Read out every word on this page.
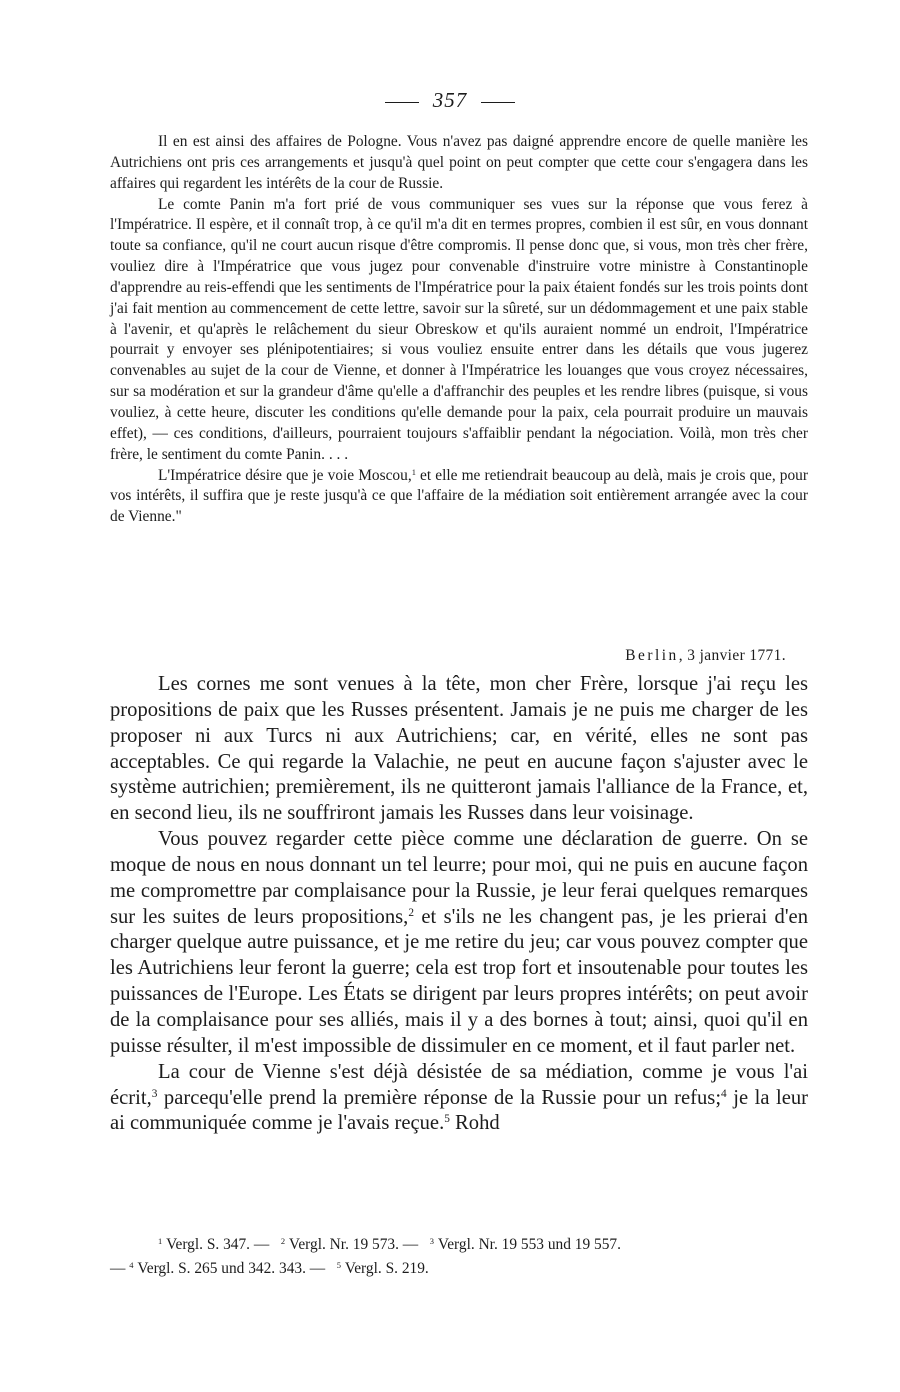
357

Il en est ainsi des affaires de Pologne. Vous n'avez pas daigné apprendre encore de quelle manière les Autrichiens ont pris ces arrangements et jusqu'à quel point on peut compter que cette cour s'engagera dans les affaires qui regardent les intérêts de la cour de Russie.

Le comte Panin m'a fort prié de vous communiquer ses vues sur la réponse que vous ferez à l'Impératrice. Il espère, et il connaît trop, à ce qu'il m'a dit en termes propres, combien il est sûr, en vous donnant toute sa confiance, qu'il ne court aucun risque d'être compromis. Il pense donc que, si vous, mon très cher frère, vouliez dire à l'Impératrice que vous jugez pour convenable d'instruire votre ministre à Constantinople d'apprendre au reis-effendi que les sentiments de l'Impératrice pour la paix étaient fondés sur les trois points dont j'ai fait mention au commencement de cette lettre, savoir sur la sûreté, sur un dédommagement et une paix stable à l'avenir, et qu'après le relâchement du sieur Obreskow et qu'ils auraient nommé un endroit, l'Impératrice pourrait y envoyer ses plénipotentiaires; si vous vouliez ensuite entrer dans les détails que vous jugerez convenables au sujet de la cour de Vienne, et donner à l'Impératrice les louanges que vous croyez nécessaires, sur sa modération et sur la grandeur d'âme qu'elle a d'affranchir des peuples et les rendre libres (puisque, si vous vouliez, à cette heure, discuter les conditions qu'elle demande pour la paix, cela pourrait produire un mauvais effet), — ces conditions, d'ailleurs, pourraient toujours s'affaiblir pendant la négociation. Voilà, mon très cher frère, le sentiment du comte Panin. . . .

L'Impératrice désire que je voie Moscou,$^1$ et elle me retiendrait beaucoup au delà, mais je crois que, pour vos intérêts, il suffira que je reste jusqu'à ce que l'affaire de la médiation soit entièrement arrangée avec la cour de Vienne."

Berlin, 3 janvier 1771.

Les cornes me sont venues à la tête, mon cher Frère, lorsque j'ai reçu les propositions de paix que les Russes présentent. Jamais je ne puis me charger de les proposer ni aux Turcs ni aux Autrichiens; car, en vérité, elles ne sont pas acceptables. Ce qui regarde la Valachie, ne peut en aucune façon s'ajuster avec le système autrichien; premièrement, ils ne quitteront jamais l'alliance de la France, et, en second lieu, ils ne souffriront jamais les Russes dans leur voisinage.

Vous pouvez regarder cette pièce comme une déclaration de guerre. On se moque de nous en nous donnant un tel leurre; pour moi, qui ne puis en aucune façon me compromettre par complaisance pour la Russie, je leur ferai quelques remarques sur les suites de leurs propositions,$^2$ et s'ils ne les changent pas, je les prierai d'en charger quelque autre puissance, et je me retire du jeu; car vous pouvez compter que les Autrichiens leur feront la guerre; cela est trop fort et insoutenable pour toutes les puissances de l'Europe. Les États se dirigent par leurs propres intérêts; on peut avoir de la complaisance pour ses alliés, mais il y a des bornes à tout; ainsi, quoi qu'il en puisse résulter, il m'est impossible de dissimuler en ce moment, et il faut parler net.

La cour de Vienne s'est déjà désistée de sa médiation, comme je vous l'ai écrit,$^3$ parcequ'elle prend la première réponse de la Russie pour un refus;$^4$ je la leur ai communiquée comme je l'avais reçue.$^5$ Rohd

$^1$ Vergl. S. 347. — $^2$ Vergl. Nr. 19 573. — $^3$ Vergl. Nr. 19 553 und 19 557.
— $^4$ Vergl. S. 265 und 342. 343. — $^5$ Vergl. S. 219.
